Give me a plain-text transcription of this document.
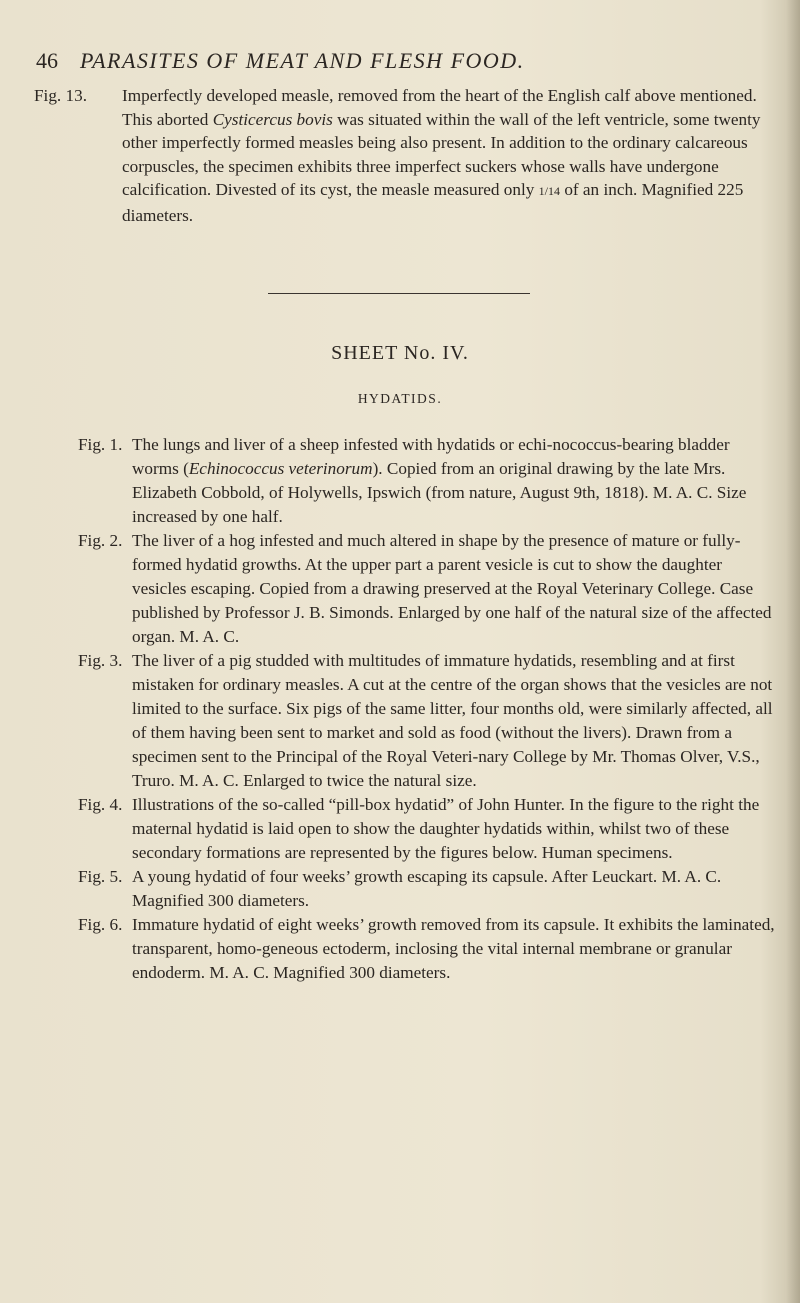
46 PARASITES OF MEAT AND FLESH FOOD.

Fig. 13. Imperfectly developed measle, removed from the heart of the English calf above mentioned. This aborted Cysticercus bovis was situated within the wall of the left ventricle, some twenty other imperfectly formed measles being also present. In addition to the ordinary calcareous corpuscles, the specimen exhibits three imperfect suckers whose walls have undergone calcification. Divested of its cyst, the measle measured only 1/14 of an inch. Magnified 225 diameters.

SHEET No. IV.
HYDATIDS.

Fig. 1. The lungs and liver of a sheep infested with hydatids or echi-nococcus-bearing bladder worms (Echinococcus veterinorum). Copied from an original drawing by the late Mrs. Elizabeth Cobbold, of Holywells, Ipswich (from nature, August 9th, 1818). M. A. C. Size increased by one half.

Fig. 2. The liver of a hog infested and much altered in shape by the presence of mature or fully-formed hydatid growths. At the upper part a parent vesicle is cut to show the daughter vesicles escaping. Copied from a drawing preserved at the Royal Veterinary College. Case published by Professor J. B. Simonds. Enlarged by one half of the natural size of the affected organ. M. A. C.

Fig. 3. The liver of a pig studded with multitudes of immature hydatids, resembling and at first mistaken for ordinary measles. A cut at the centre of the organ shows that the vesicles are not limited to the surface. Six pigs of the same litter, four months old, were similarly affected, all of them having been sent to market and sold as food (without the livers). Drawn from a specimen sent to the Principal of the Royal Veteri-nary College by Mr. Thomas Olver, V.S., Truro. M. A. C. Enlarged to twice the natural size.

Fig. 4. Illustrations of the so-called “pill-box hydatid” of John Hunter. In the figure to the right the maternal hydatid is laid open to show the daughter hydatids within, whilst two of these secondary formations are represented by the figures below. Human specimens.

Fig. 5. A young hydatid of four weeks’ growth escaping its capsule. After Leuckart. M. A. C. Magnified 300 diameters.

Fig. 6. Immature hydatid of eight weeks’ growth removed from its capsule. It exhibits the laminated, transparent, homo-geneous ectoderm, inclosing the vital internal membrane or granular endoderm. M. A. C. Magnified 300 diameters.
